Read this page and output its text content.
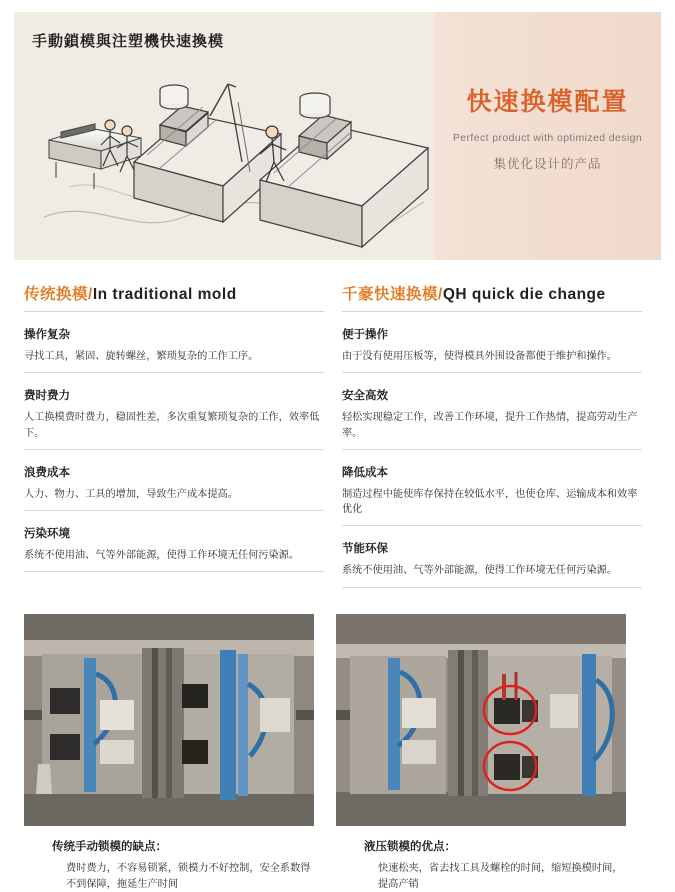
手動鎖模與注塑機快速換模
快速换模配置
Perfect product with optimized design
集优化设计的产品
传统换模/In traditional mold
操作复杂
寻找工具，紧固、旋转螺丝，繁琐复杂的工作工序。
费时费力
人工换模费时费力，稳固性差，多次重复繁琐复杂的工作，效率低下。
浪费成本
人力、物力、工具的增加，导致生产成本提高。
污染环境
系统不使用油、气等外部能源，使得工作环境无任何污染源。
千豪快速换模/QH quick die change
便于操作
由于没有使用压板等，使得模具外围设备都便于维护和操作。
安全高效
轻松实现稳定工作，改善工作环境，提升工作热情，提高劳动生产率。
降低成本
制造过程中能使库存保持在较低水平，也使仓库、运输成本和效率优化
节能环保
系统不使用油、气等外部能源，使得工作环境无任何污染源。
传统手动锁模的缺点：
费时费力，不容易锁紧，锁模力不好控制，安全系数得不到保障，拖延生产时间
液压锁模的优点：
快速松夹，省去找工具及螺栓的时间，缩短换模时间，提高产销
